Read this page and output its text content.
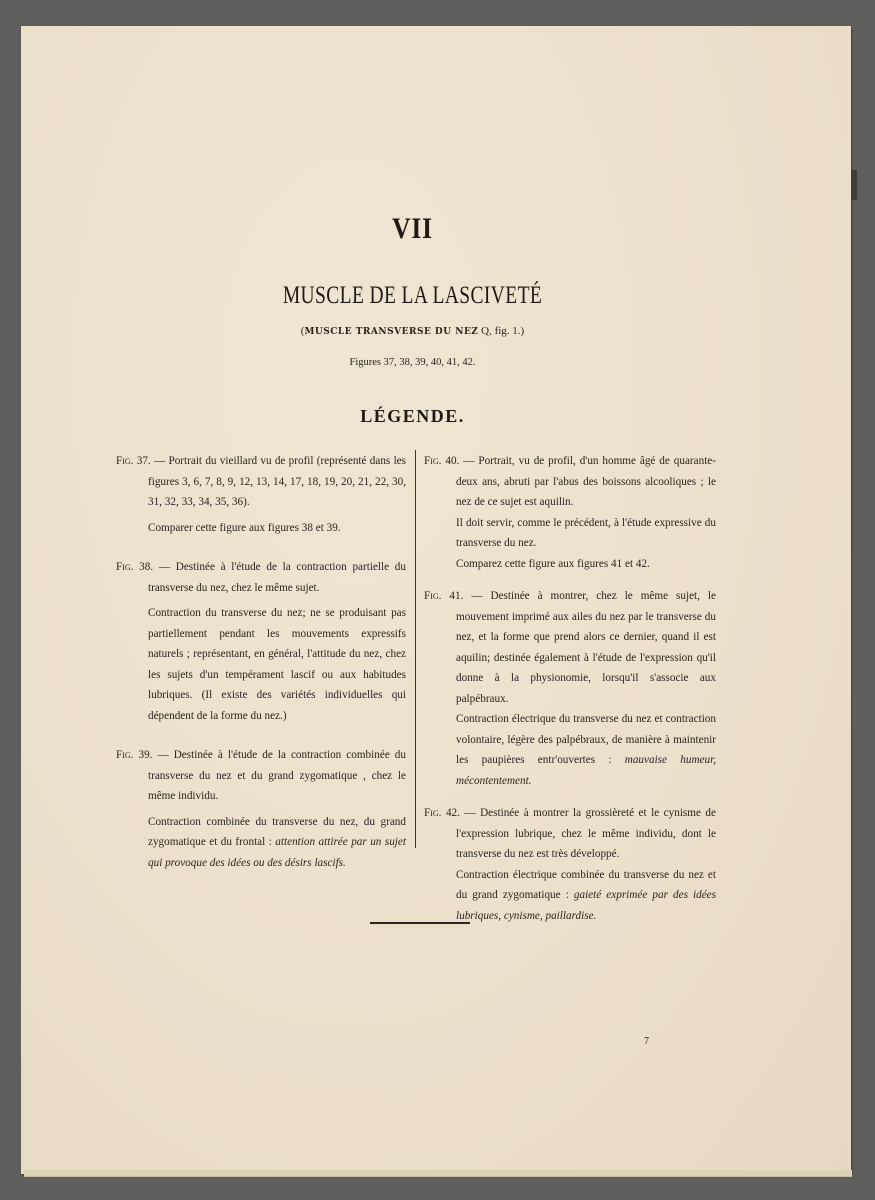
VII
MUSCLE DE LA LASCIVETÉ
(MUSCLE TRANSVERSE DU NEZ Q, fig. 1.)
Figures 37, 38, 39, 40, 41, 42.
LÉGENDE.

Fig. 37. — Portrait du vieillard vu de profil (représenté dans les figures 3, 6, 7, 8, 9, 12, 13, 14, 17, 18, 19, 20, 21, 22, 30, 31, 32, 33, 34, 35, 36).

Comparer cette figure aux figures 38 et 39.

Fig. 38. — Destinée à l'étude de la contraction partielle du transverse du nez, chez le même sujet.

Contraction du transverse du nez; ne se produisant pas partiellement pendant les mouvements expressifs naturels ; représentant, en général, l'attitude du nez, chez les sujets d'un tempérament lascif ou aux habitudes lubriques. (Il existe des variétés individuelles qui dépendent de la forme du nez.)

Fig. 39. — Destinée à l'étude de la contraction combinée du transverse du nez et du grand zygomatique , chez le même individu.

Contraction combinée du transverse du nez, du grand zygomatique et du frontal : attention attirée par un sujet qui provoque des idées ou des désirs lascifs.

Fig. 40. — Portrait, vu de profil, d'un homme âgé de quarante-deux ans, abruti par l'abus des boissons alcooliques ; le nez de ce sujet est aquilin.

Il doit servir, comme le précédent, à l'étude expressive du transverse du nez.

Comparez cette figure aux figures 41 et 42.

Fig. 41. — Destinée à montrer, chez le même sujet, le mouvement imprimé aux ailes du nez par le transverse du nez, et la forme que prend alors ce dernier, quand il est aquilin; destinée également à l'étude de l'expression qu'il donne à la physionomie, lorsqu'il s'associe aux palpébraux.

Contraction électrique du transverse du nez et contraction volontaire, légère des palpébraux, de manière à maintenir les paupières entr'ouvertes : mauvaise humeur, mécontentement.

Fig. 42. — Destinée à montrer la grossièreté et le cynisme de l'expression lubrique, chez le même individu, dont le transverse du nez est très développé.

Contraction électrique combinée du transverse du nez et du grand zygomatique : gaieté exprimée par des idées lubriques, cynisme, paillardise.

7
